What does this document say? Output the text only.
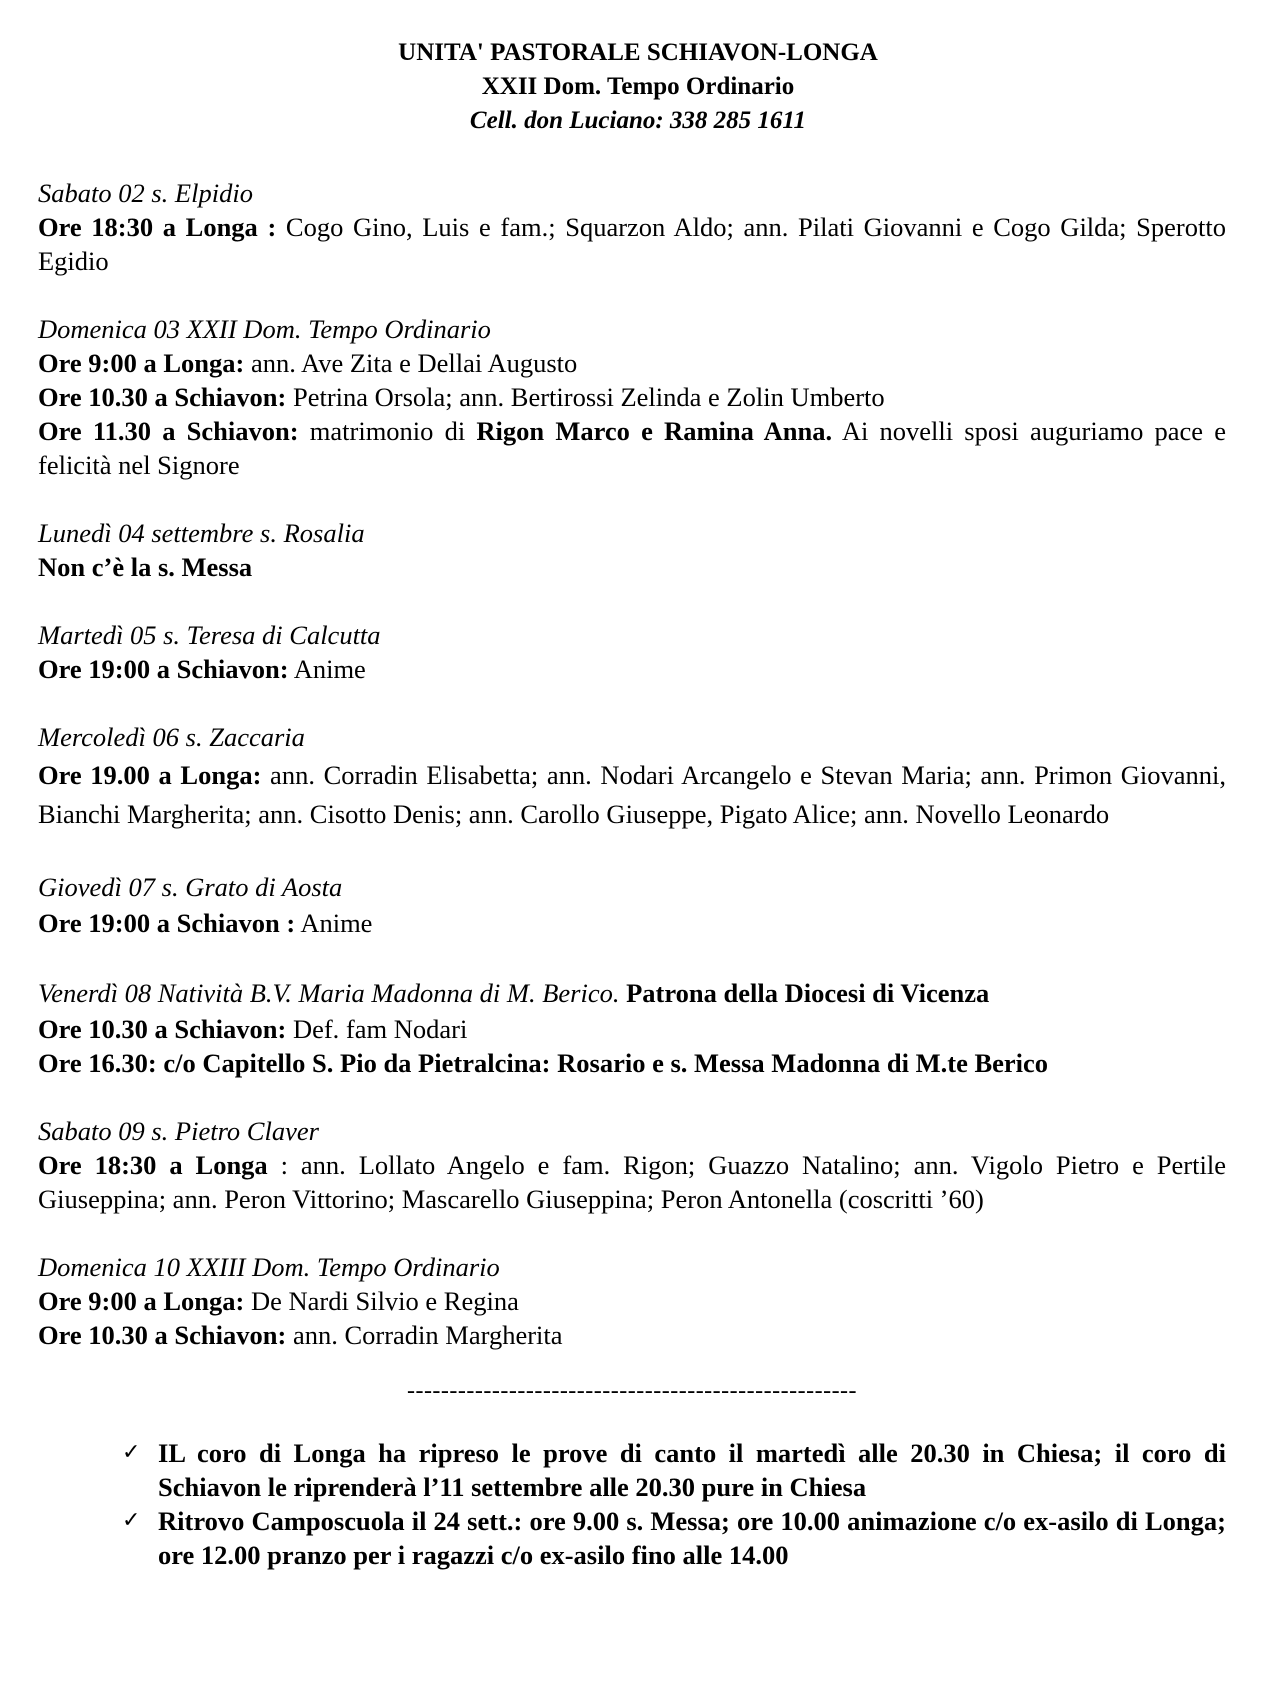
UNITA' PASTORALE SCHIAVON-LONGA
XXII Dom. Tempo Ordinario
Cell. don Luciano: 338 285 1611
Sabato 02 s. Elpidio
Ore 18:30 a Longa : Cogo Gino, Luis e fam.; Squarzon Aldo; ann. Pilati Giovanni e Cogo Gilda; Sperotto Egidio
Domenica 03 XXII Dom. Tempo Ordinario
Ore 9:00 a Longa: ann. Ave Zita e Dellai Augusto
Ore 10.30 a Schiavon: Petrina Orsola; ann. Bertirossi Zelinda e Zolin Umberto
Ore 11.30 a Schiavon: matrimonio di Rigon Marco e Ramina Anna. Ai novelli sposi auguriamo pace e felicità nel Signore
Lunedì 04 settembre s. Rosalia
Non c’è la s. Messa
Martedì 05 s. Teresa di Calcutta
Ore 19:00 a Schiavon: Anime
Mercoledì 06 s. Zaccaria
Ore 19.00 a Longa: ann. Corradin Elisabetta; ann. Nodari Arcangelo e Stevan Maria; ann. Primon Giovanni, Bianchi Margherita; ann. Cisotto Denis; ann. Carollo Giuseppe, Pigato Alice; ann. Novello Leonardo
Giovedì 07 s. Grato di Aosta
Ore 19:00 a Schiavon : Anime
Venerdì 08 Natività B.V. Maria Madonna di M. Berico. Patrona della Diocesi di Vicenza
Ore 10.30 a Schiavon: Def. fam Nodari
Ore 16.30: c/o Capitello S. Pio da Pietralcina: Rosario e s. Messa Madonna di M.te Berico
Sabato 09 s. Pietro Claver
Ore 18:30 a Longa : ann. Lollato Angelo e fam. Rigon; Guazzo Natalino; ann. Vigolo Pietro e Pertile Giuseppina; ann. Peron Vittorino; Mascarello Giuseppina; Peron Antonella (coscritti ’60)
Domenica 10 XXIII Dom. Tempo Ordinario
Ore 9:00 a Longa: De Nardi Silvio e Regina
Ore 10.30 a Schiavon: ann. Corradin Margherita
-----------------------------------------------------
✓ IL coro di Longa ha ripreso le prove di canto il martedì alle 20.30 in Chiesa; il coro di Schiavon le riprenderà l’11 settembre alle 20.30 pure in Chiesa
✓ Ritrovo Camposcuola il 24 sett.: ore 9.00 s. Messa; ore 10.00 animazione c/o ex-asilo di Longa; ore 12.00 pranzo per i ragazzi c/o ex-asilo fino alle 14.00
